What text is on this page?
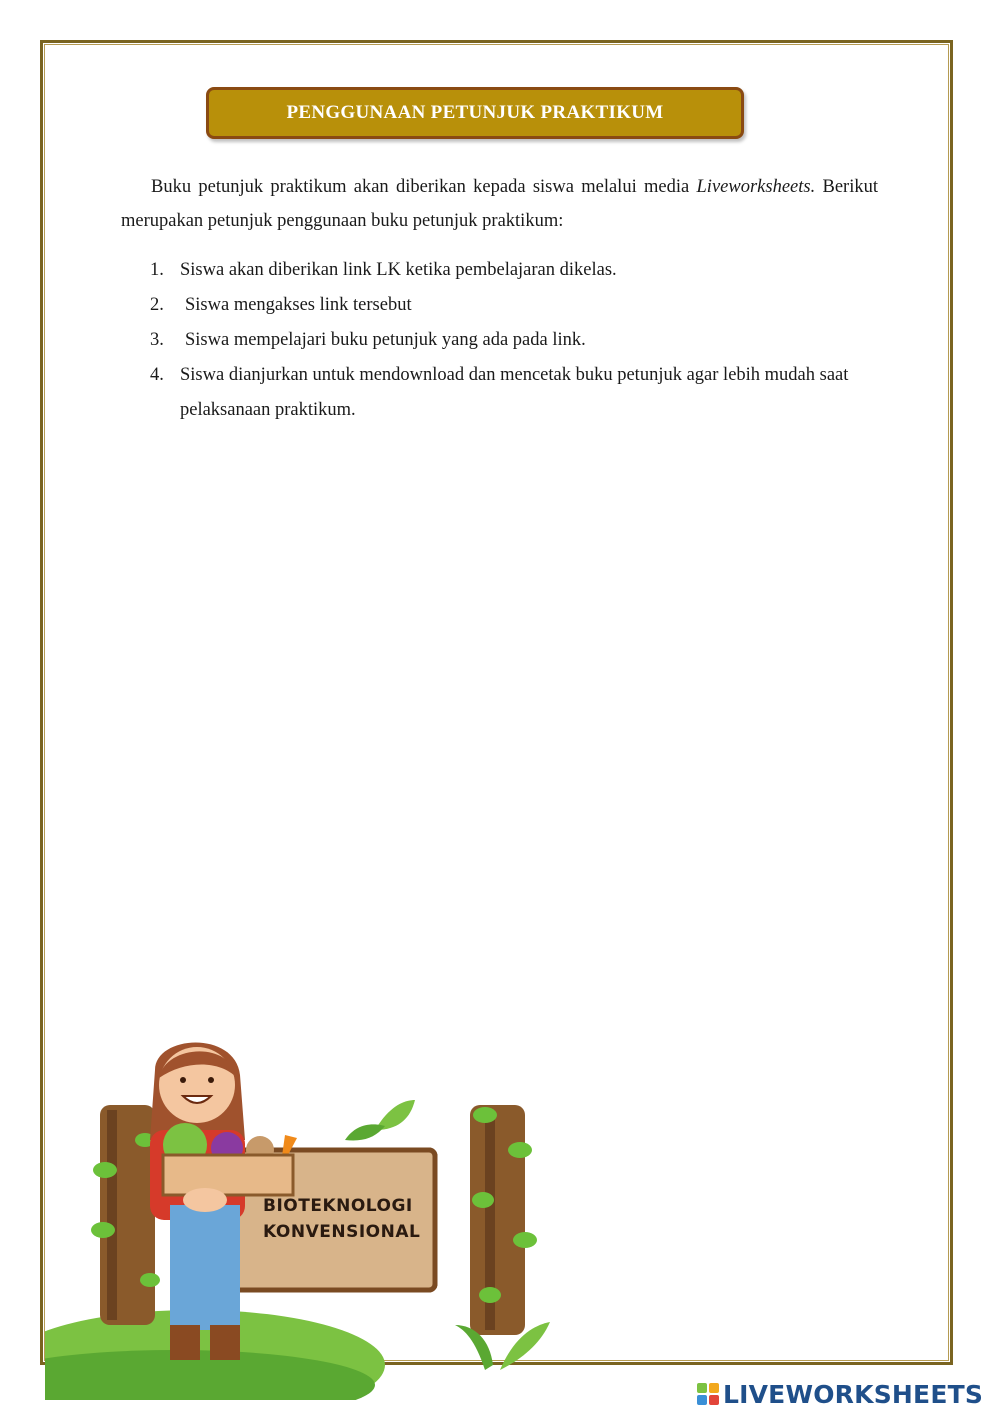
PENGGUNAAN PETUNJUK PRAKTIKUM

Buku petunjuk praktikum akan diberikan kepada siswa melalui media Liveworksheets. Berikut merupakan petunjuk penggunaan buku petunjuk praktikum:

1. Siswa akan diberikan link LK ketika pembelajaran dikelas.
2.	Siswa mengakses link tersebut
3.	Siswa mempelajari buku petunjuk yang ada pada link.
4. Siswa dianjurkan untuk mendownload dan mencetak buku petunjuk agar lebih mudah saat pelaksanaan praktikum.
BIOTEKNOLOGI
KONVENSIONAL
LIVEWORKSHEETS
